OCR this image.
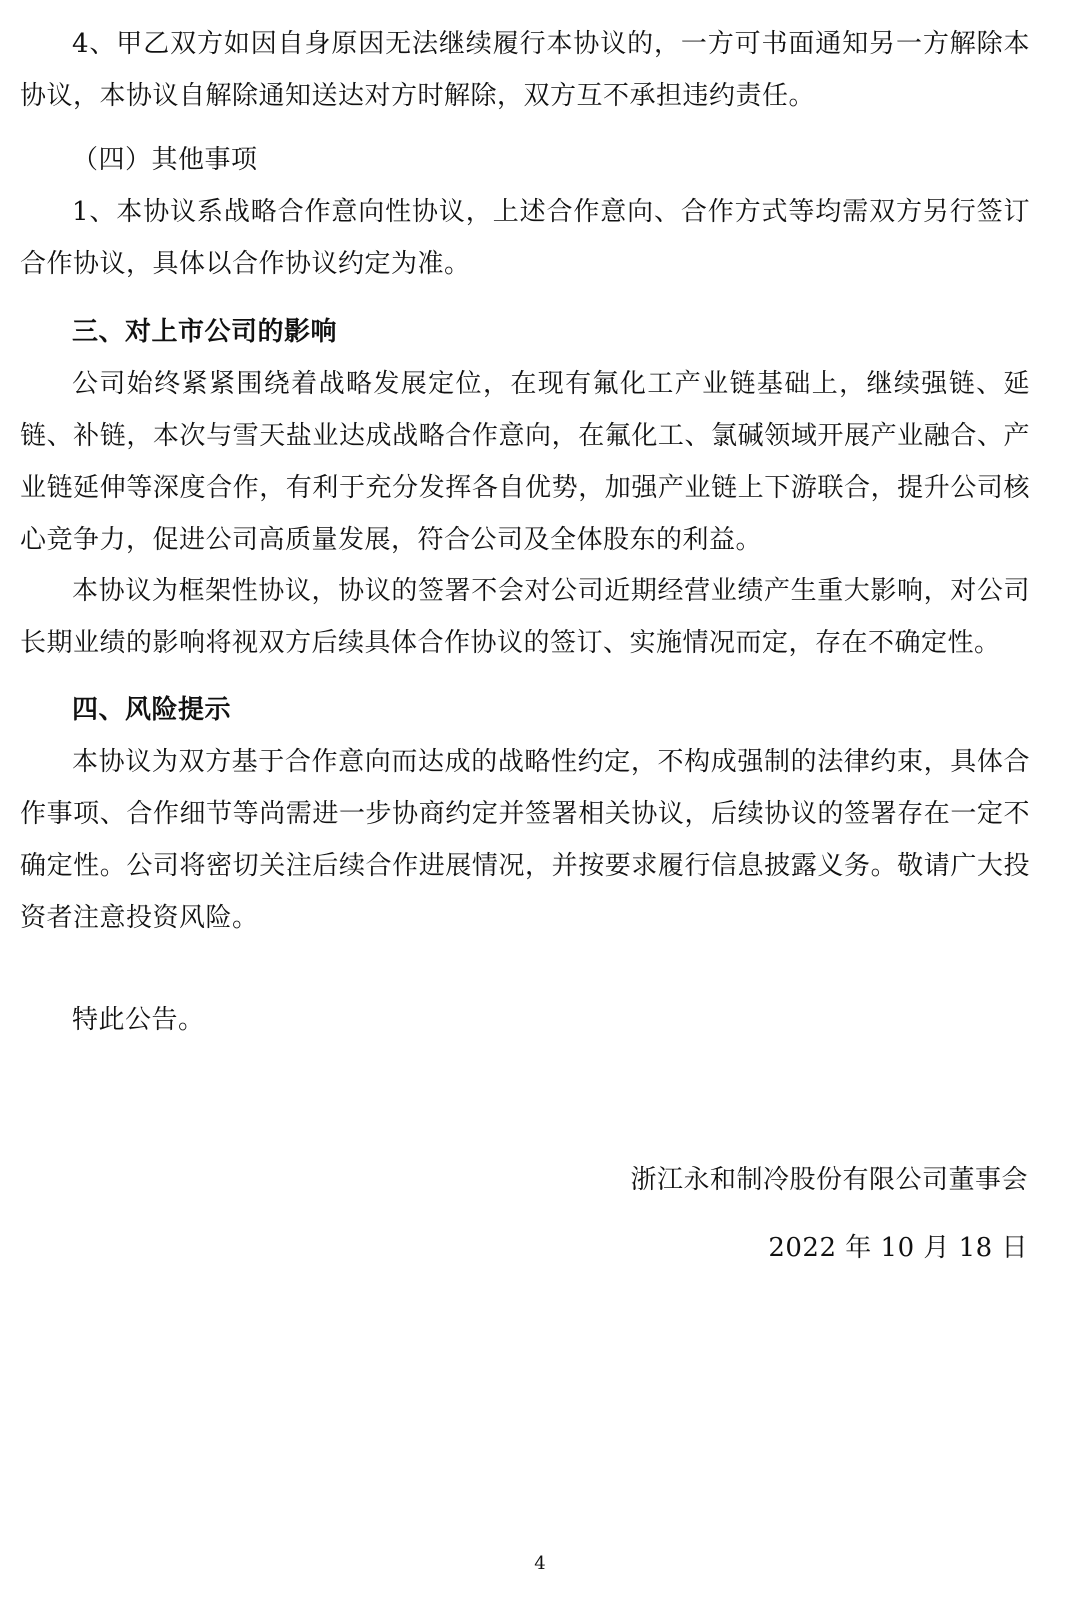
4、甲乙双方如因自身原因无法继续履行本协议的，一方可书面通知另一方解除本协议，本协议自解除通知送达对方时解除，双方互不承担违约责任。

（四）其他事项

1、本协议系战略合作意向性协议，上述合作意向、合作方式等均需双方另行签订合作协议，具体以合作协议约定为准。

三、对上市公司的影响

公司始终紧紧围绕着战略发展定位，在现有氟化工产业链基础上，继续强链、延链、补链，本次与雪天盐业达成战略合作意向，在氟化工、氯碱领域开展产业融合、产业链延伸等深度合作，有利于充分发挥各自优势，加强产业链上下游联合，提升公司核心竞争力，促进公司高质量发展，符合公司及全体股东的利益。

本协议为框架性协议，协议的签署不会对公司近期经营业绩产生重大影响，对公司长期业绩的影响将视双方后续具体合作协议的签订、实施情况而定，存在不确定性。

四、风险提示

本协议为双方基于合作意向而达成的战略性约定，不构成强制的法律约束，具体合作事项、合作细节等尚需进一步协商约定并签署相关协议，后续协议的签署存在一定不确定性。公司将密切关注后续合作进展情况，并按要求履行信息披露义务。敬请广大投资者注意投资风险。

特此公告。

浙江永和制冷股份有限公司董事会

2022 年 10 月 18 日

4
